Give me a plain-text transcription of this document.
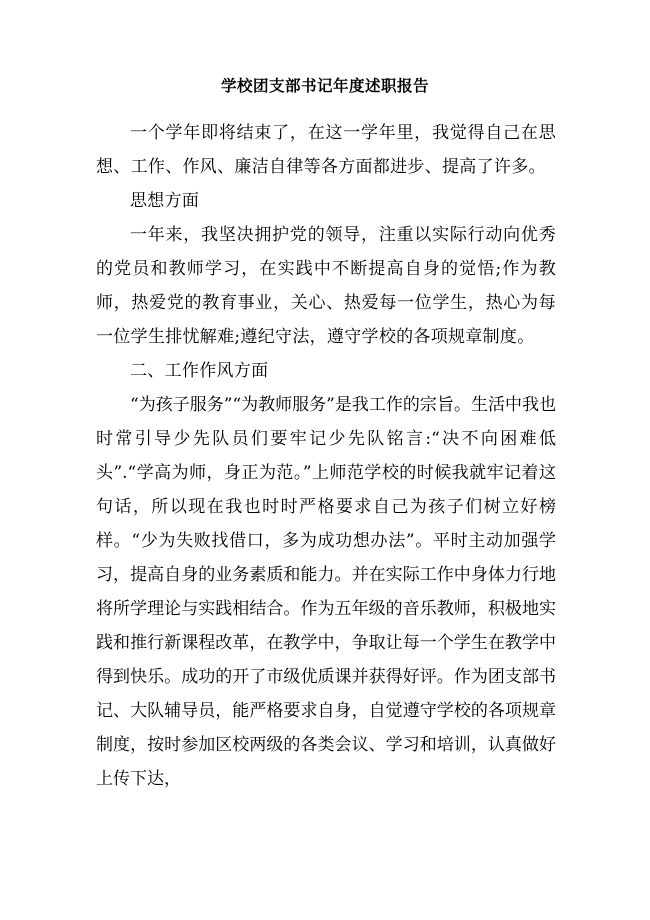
学校团支部书记年度述职报告

一个学年即将结束了，在这一学年里，我觉得自己在思想、工作、作风、廉洁自律等各方面都进步、提高了许多。

思想方面

一年来，我坚决拥护党的领导，注重以实际行动向优秀的党员和教师学习，在实践中不断提高自身的觉悟;作为教师，热爱党的教育事业，关心、热爱每一位学生，热心为每一位学生排忧解难;遵纪守法，遵守学校的各项规章制度。

二、工作作风方面

“为孩子服务”“为教师服务”是我工作的宗旨。生活中我也时常引导少先队员们要牢记少先队铭言:“决不向困难低头”.“学高为师，身正为范。”上师范学校的时候我就牢记着这句话，所以现在我也时时严格要求自己为孩子们树立好榜样。“少为失败找借口，多为成功想办法”。平时主动加强学习，提高自身的业务素质和能力。并在实际工作中身体力行地将所学理论与实践相结合。作为五年级的音乐教师，积极地实践和推行新课程改革，在教学中，争取让每一个学生在教学中得到快乐。成功的开了市级优质课并获得好评。作为团支部书记、大队辅导员，能严格要求自身，自觉遵守学校的各项规章制度，按时参加区校两级的各类会议、学习和培训，认真做好上传下达，
